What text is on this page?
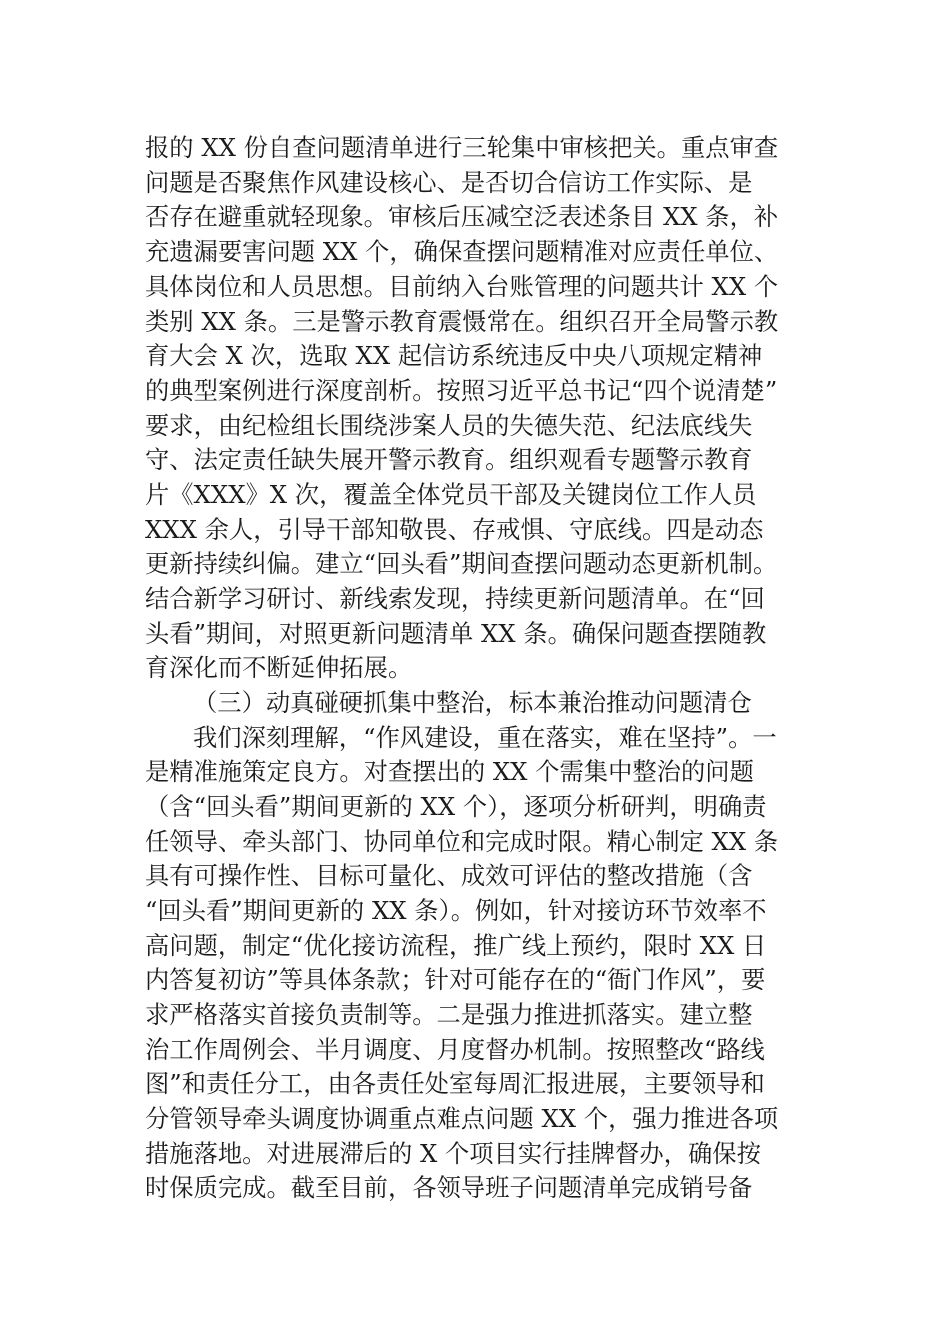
报的 XX 份自查问题清单进行三轮集中审核把关。重点审查
问题是否聚焦作风建设核心、是否切合信访工作实际、是
否存在避重就轻现象。审核后压减空泛表述条目 XX 条，补
充遗漏要害问题 XX 个，确保查摆问题精准对应责任单位、
具体岗位和人员思想。目前纳入台账管理的问题共计 XX 个
类别 XX 条。三是警示教育震慑常在。组织召开全局警示教
育大会 X 次，选取 XX 起信访系统违反中央八项规定精神
的典型案例进行深度剖析。按照习近平总书记“四个说清楚”
要求，由纪检组长围绕涉案人员的失德失范、纪法底线失
守、法定责任缺失展开警示教育。组织观看专题警示教育
片《XXX》X 次，覆盖全体党员干部及关键岗位工作人员
XXX 余人，引导干部知敬畏、存戒惧、守底线。四是动态
更新持续纠偏。建立“回头看”期间查摆问题动态更新机制。
结合新学习研讨、新线索发现，持续更新问题清单。在“回
头看”期间，对照更新问题清单 XX 条。确保问题查摆随教
育深化而不断延伸拓展。
（三）动真碰硬抓集中整治，标本兼治推动问题清仓
我们深刻理解，“作风建设，重在落实，难在坚持”。一
是精准施策定良方。对查摆出的 XX 个需集中整治的问题
（含“回头看”期间更新的 XX 个），逐项分析研判，明确责
任领导、牵头部门、协同单位和完成时限。精心制定 XX 条
具有可操作性、目标可量化、成效可评估的整改措施（含
“回头看”期间更新的 XX 条）。例如，针对接访环节效率不
高问题，制定“优化接访流程，推广线上预约，限时 XX 日
内答复初访”等具体条款；针对可能存在的“衙门作风”，要
求严格落实首接负责制等。二是强力推进抓落实。建立整
治工作周例会、半月调度、月度督办机制。按照整改“路线
图”和责任分工，由各责任处室每周汇报进展，主要领导和
分管领导牵头调度协调重点难点问题 XX 个，强力推进各项
措施落地。对进展滞后的 X 个项目实行挂牌督办，确保按
时保质完成。截至目前，各领导班子问题清单完成销号备
